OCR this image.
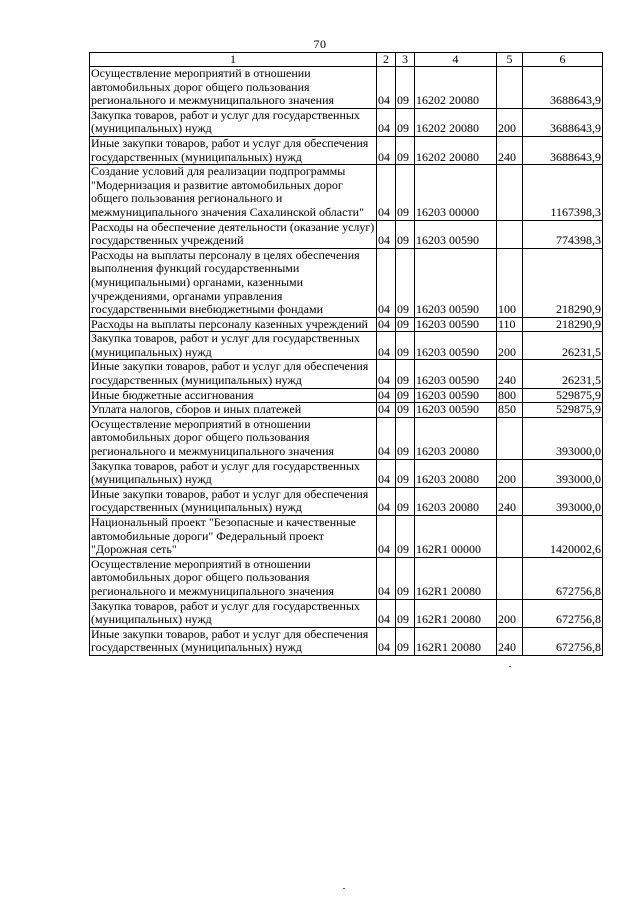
70
1	2	3	4	5	6
Осуществление мероприятий в отношении автомобильных дорог общего пользования регионального и межмуниципального значения	04	09	16202 20080		3688643,9
Закупка товаров, работ и услуг для государственных (муниципальных) нужд	04	09	16202 20080	200	3688643,9
Иные закупки товаров, работ и услуг для обеспечения государственных (муниципальных) нужд	04	09	16202 20080	240	3688643,9
Создание условий для реализации подпрограммы "Модернизация и развитие автомобильных дорог общего пользования регионального и межмуниципального значения Сахалинской области"	04	09	16203 00000		1167398,3
Расходы на обеспечение деятельности (оказание услуг) государственных учреждений	04	09	16203 00590		774398,3
Расходы на выплаты персоналу в целях обеспечения выполнения функций государственными (муниципальными) органами, казенными учреждениями, органами управления государственными внебюджетными фондами	04	09	16203 00590	100	218290,9
Расходы на выплаты персоналу казенных учреждений	04	09	16203 00590	110	218290,9
Закупка товаров, работ и услуг для государственных (муниципальных) нужд	04	09	16203 00590	200	26231,5
Иные закупки товаров, работ и услуг для обеспечения государственных (муниципальных) нужд	04	09	16203 00590	240	26231,5
Иные бюджетные ассигнования	04	09	16203 00590	800	529875,9
Уплата налогов, сборов и иных платежей	04	09	16203 00590	850	529875,9
Осуществление мероприятий в отношении автомобильных дорог общего пользования регионального и межмуниципального значения	04	09	16203 20080		393000,0
Закупка товаров, работ и услуг для государственных (муниципальных) нужд	04	09	16203 20080	200	393000,0
Иные закупки товаров, работ и услуг для обеспечения государственных (муниципальных) нужд	04	09	16203 20080	240	393000,0
Национальный проект "Безопасные и качественные автомобильные дороги" Федеральный проект "Дорожная сеть"	04	09	162R1 00000		1420002,6
Осуществление мероприятий в отношении автомобильных дорог общего пользования регионального и межмуниципального значения	04	09	162R1 20080		672756,8
Закупка товаров, работ и услуг для государственных (муниципальных) нужд	04	09	162R1 20080	200	672756,8
Иные закупки товаров, работ и услуг для обеспечения государственных (муниципальных) нужд	04	09	162R1 20080	240	672756,8
